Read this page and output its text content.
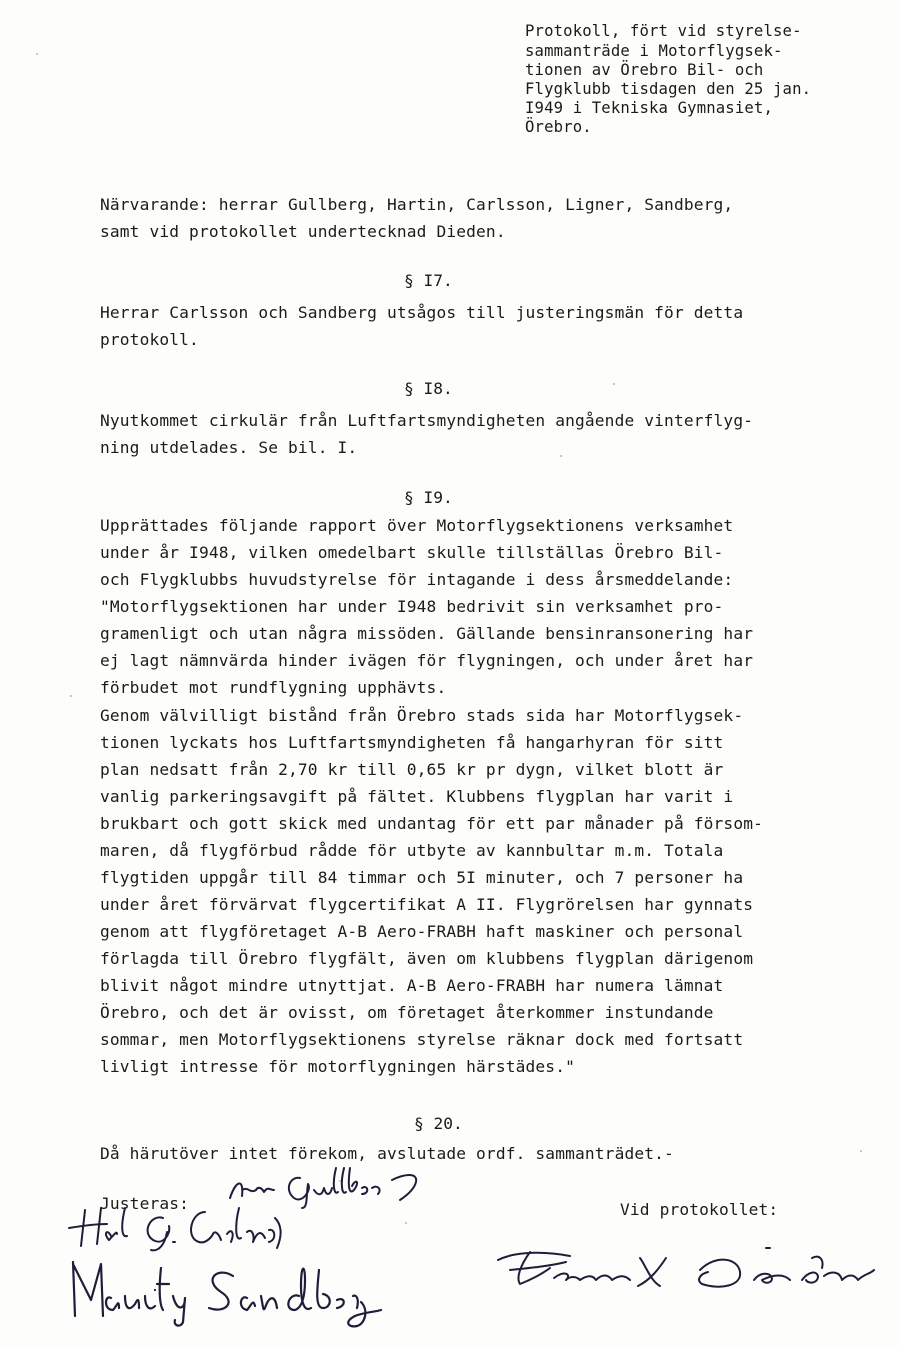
Protokoll, fört vid styrelse-
sammanträde i Motorflygsek-
tionen av Örebro Bil- och
Flygklubb tisdagen den 25 jan.
I949 i Tekniska Gymnasiet,
Örebro.
Närvarande: herrar Gullberg, Hartin, Carlsson, Ligner, Sandberg,
samt vid protokollet undertecknad Dieden.
§ I7.
Herrar Carlsson och Sandberg utsågos till justeringsmän för detta
protokoll.
§ I8.
Nyutkommet cirkulär från Luftfartsmyndigheten angående vinterflyg-
ning utdelades. Se bil. I.
§ I9.
Upprättades följande rapport över Motorflygsektionens verksamhet
under år I948, vilken omedelbart skulle tillställas Örebro Bil-
och Flygklubbs huvudstyrelse för intagande i dess årsmeddelande:
"Motorflygsektionen har under I948 bedrivit sin verksamhet pro-
gramenligt och utan några missöden. Gällande bensinransonering har
ej lagt nämnvärda hinder ivägen för flygningen, och under året har
förbudet mot rundflygning upphävts.
Genom välvilligt bistånd från Örebro stads sida har Motorflygsek-
tionen lyckats hos Luftfartsmyndigheten få hangarhyran för sitt
plan nedsatt från 2,70 kr till 0,65 kr pr dygn, vilket blott är
vanlig parkeringsavgift på fältet. Klubbens flygplan har varit i
brukbart och gott skick med undantag för ett par månader på försom-
maren, då flygförbud rådde för utbyte av kannbultar m.m. Totala
flygtiden uppgår till 84 timmar och 5I minuter, och 7 personer ha
under året förvärvat flygcertifikat A II. Flygrörelsen har gynnats
genom att flygföretaget A-B Aero-FRABH haft maskiner och personal
förlagda till Örebro flygfält, även om klubbens flygplan därigenom
blivit något mindre utnyttjat. A-B Aero-FRABH har numera lämnat
Örebro, och det är ovisst, om företaget återkommer instundande
sommar, men Motorflygsektionens styrelse räknar dock med fortsatt
livligt intresse för motorflygningen härstädes."
§ 20.
Då härutöver intet förekom, avslutade ordf. sammanträdet.-
Justeras:	Vid protokollet:
